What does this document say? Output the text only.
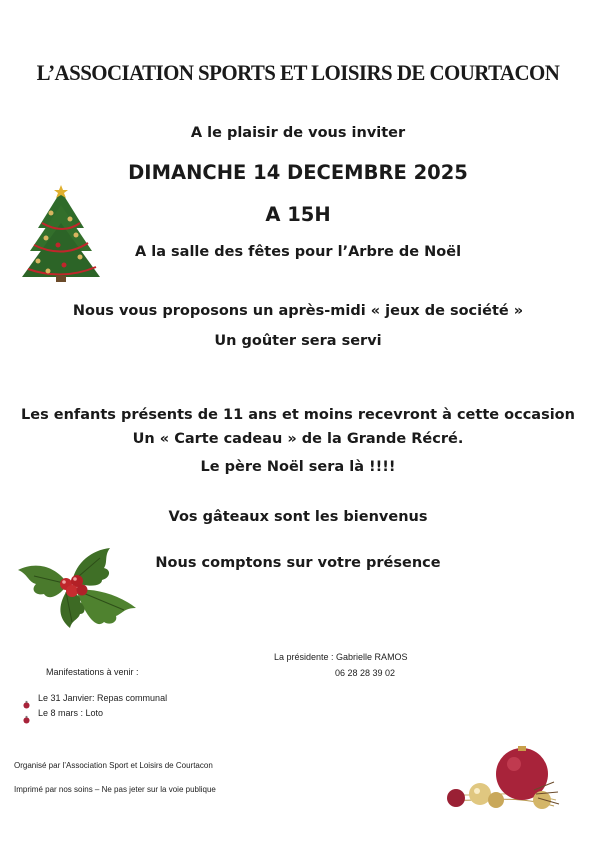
L’ASSOCIATION SPORTS ET LOISIRS DE COURTACON
A le plaisir de vous inviter
DIMANCHE 14 DECEMBRE 2025
A 15H
A la salle des fêtes pour l’Arbre de Noël
Nous vous proposons un après-midi « jeux de société »
Un goûter sera servi
Les enfants présents de 11 ans et moins recevront à cette occasion
Un « Carte cadeau » de la Grande Récré.
Le père Noël sera là !!!!
Vos gâteaux sont les bienvenus
Nous comptons sur votre présence
La présidente : Gabrielle RAMOS
06 28 28 39 02
Manifestations à venir :
Le 31 Janvier: Repas communal
Le 8 mars : Loto
Organisé par l’Association Sport et Loisirs de Courtacon
Imprimé par nos soins – Ne pas jeter sur la voie publique
